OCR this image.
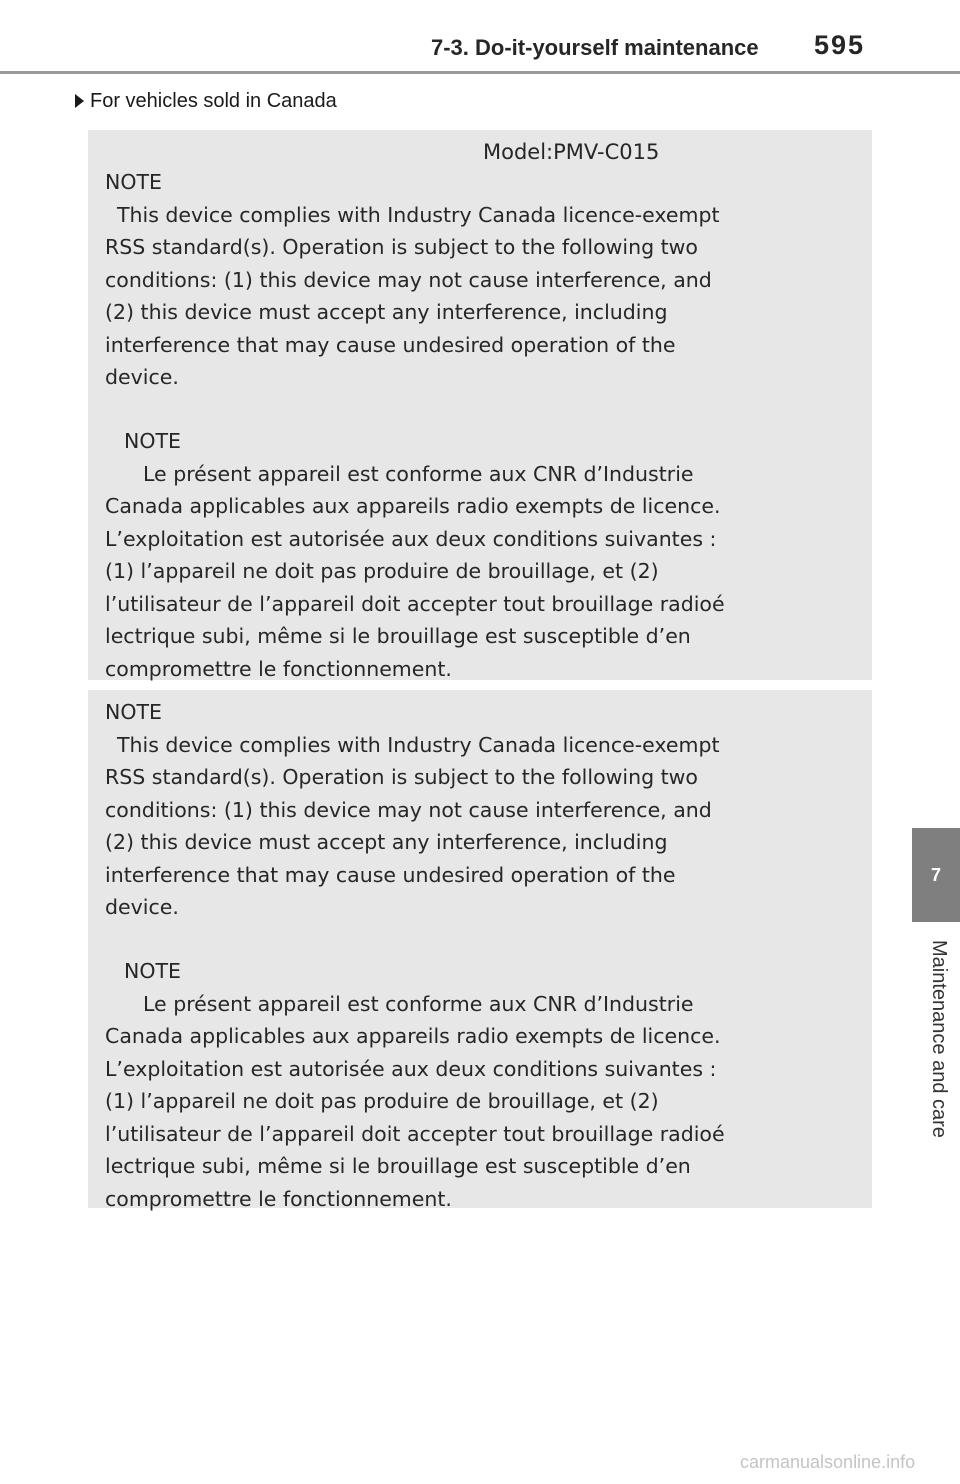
7-3. Do-it-yourself maintenance 595
7
Maintenance and care
For vehicles sold in Canada
Model:PMV-C015
NOTE
This device complies with Industry Canada licence-exempt
RSS standard(s). Operation is subject to the following two
conditions: (1) this device may not cause interference, and
(2) this device must accept any interference, including
interference that may cause undesired operation of the
device.
NOTE
Le présent appareil est conforme aux CNR d’Industrie
Canada applicables aux appareils radio exempts de licence.
L’exploitation est autorisée aux deux conditions suivantes :
(1) l’appareil ne doit pas produire de brouillage, et (2)
l’utilisateur de l’appareil doit accepter tout brouillage radioé
lectrique subi, même si le brouillage est susceptible d’en
compromettre le fonctionnement.
NOTE
This device complies with Industry Canada licence-exempt
RSS standard(s). Operation is subject to the following two
conditions: (1) this device may not cause interference, and
(2) this device must accept any interference, including
interference that may cause undesired operation of the
device.
NOTE
Le présent appareil est conforme aux CNR d’Industrie
Canada applicables aux appareils radio exempts de licence.
L’exploitation est autorisée aux deux conditions suivantes :
(1) l’appareil ne doit pas produire de brouillage, et (2)
l’utilisateur de l’appareil doit accepter tout brouillage radioé
lectrique subi, même si le brouillage est susceptible d’en
compromettre le fonctionnement.
carmanualsonline.info
